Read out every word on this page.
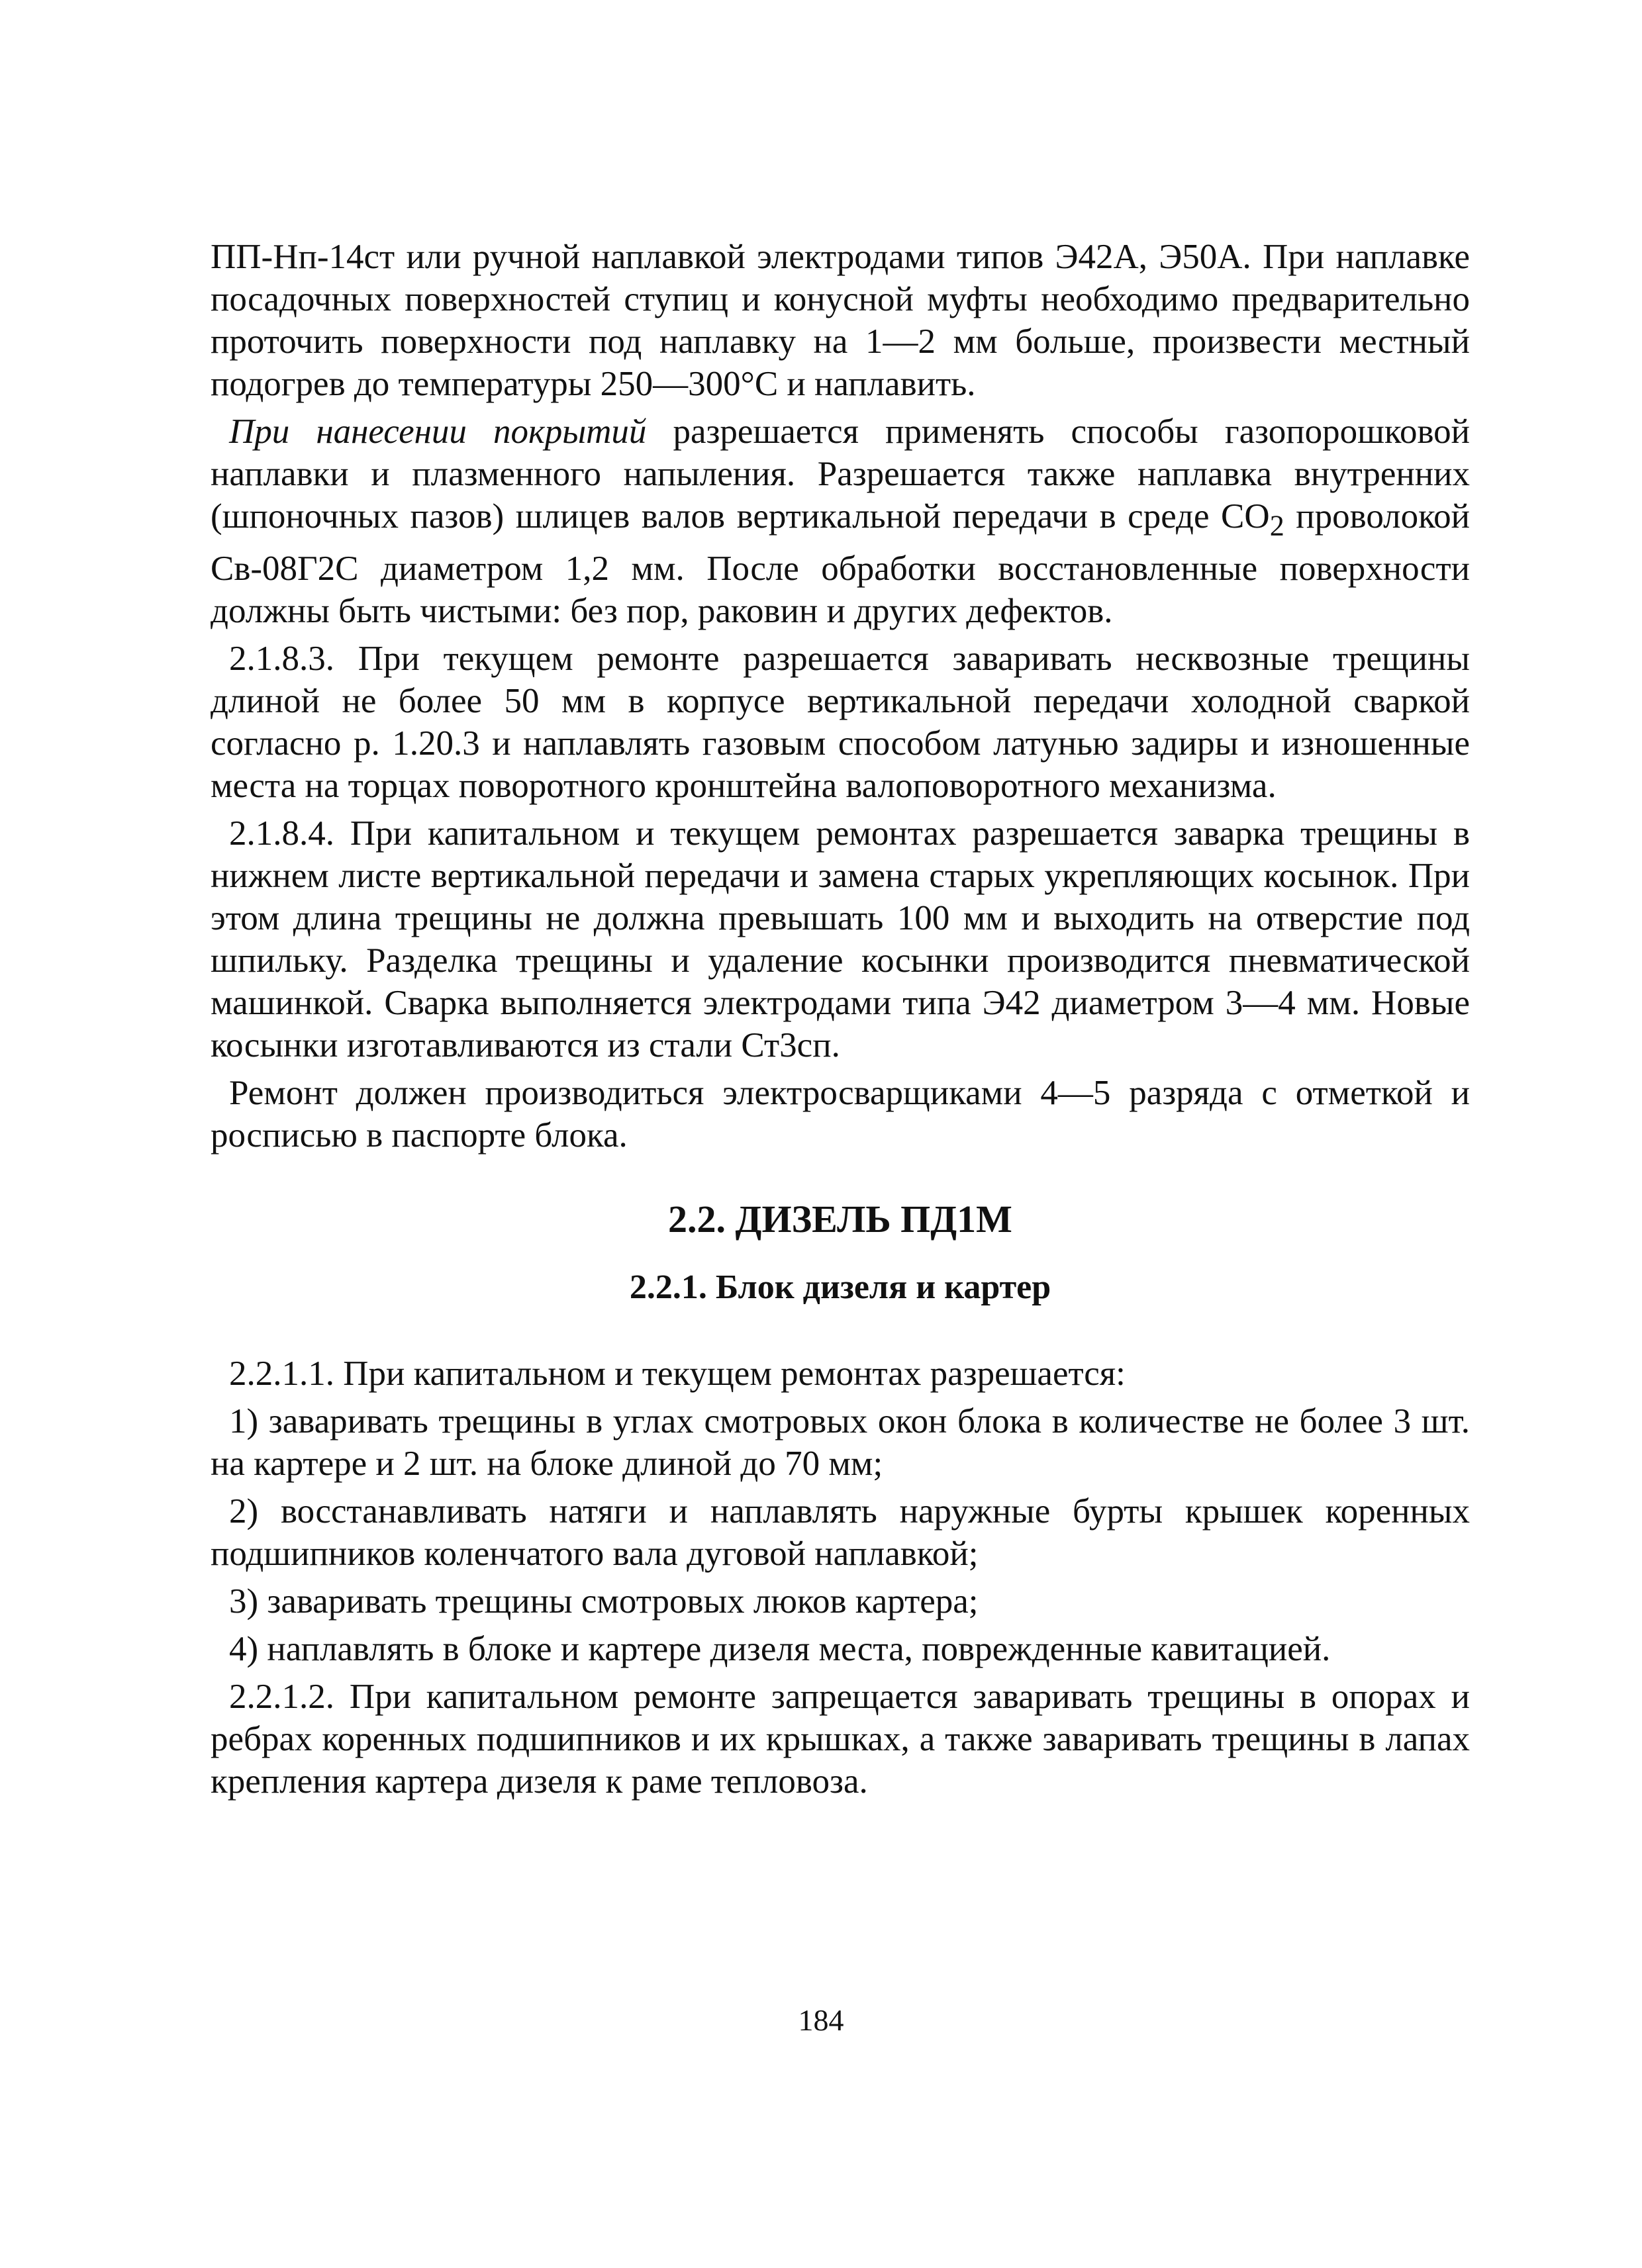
ПП-Нп-14ст или ручной наплавкой электродами типов Э42А, Э50А. При наплавке посадочных поверхностей ступиц и конусной муфты необходимо предварительно проточить поверхности под наплавку на 1—2 мм больше, произвести местный подогрев до температуры 250—300°С и наплавить.

При нанесении покрытий разрешается применять способы газопорошковой наплавки и плазменного напыления. Разрешается также наплавка внутренних (шпоночных пазов) шлицев валов вертикальной передачи в среде $CO_2$ проволокой Св-08Г2С диаметром 1,2 мм. После обработки восстановленные поверхности должны быть чистыми: без пор, раковин и других дефектов.

2.1.8.3. При текущем ремонте разрешается заваривать несквозные трещины длиной не более 50 мм в корпусе вертикальной передачи холодной сваркой согласно р. 1.20.3 и наплавлять газовым способом латунью задиры и изношенные места на торцах поворотного кронштейна валоповоротного механизма.

2.1.8.4. При капитальном и текущем ремонтах разрешается заварка трещины в нижнем листе вертикальной передачи и замена старых укрепляющих косынок. При этом длина трещины не должна превышать 100 мм и выходить на отверстие под шпильку. Разделка трещины и удаление косынки производится пневматической машинкой. Сварка выполняется электродами типа Э42 диаметром 3—4 мм. Новые косынки изготавливаются из стали Ст3сп.

Ремонт должен производиться электросварщиками 4—5 разряда с отметкой и росписью в паспорте блока.

2.2. ДИЗЕЛЬ ПД1М
2.2.1. Блок дизеля и картер

2.2.1.1. При капитальном и текущем ремонтах разрешается:

1) заваривать трещины в углах смотровых окон блока в количестве не более 3 шт. на картере и 2 шт. на блоке длиной до 70 мм;

2) восстанавливать натяги и наплавлять наружные бурты крышек коренных подшипников коленчатого вала дуговой наплавкой;

3) заваривать трещины смотровых люков картера;

4) наплавлять в блоке и картере дизеля места, поврежденные кавитацией.

2.2.1.2. При капитальном ремонте запрещается заваривать трещины в опорах и ребрах коренных подшипников и их крышках, а также заваривать трещины в лапах крепления картера дизеля к раме тепловоза.

184
